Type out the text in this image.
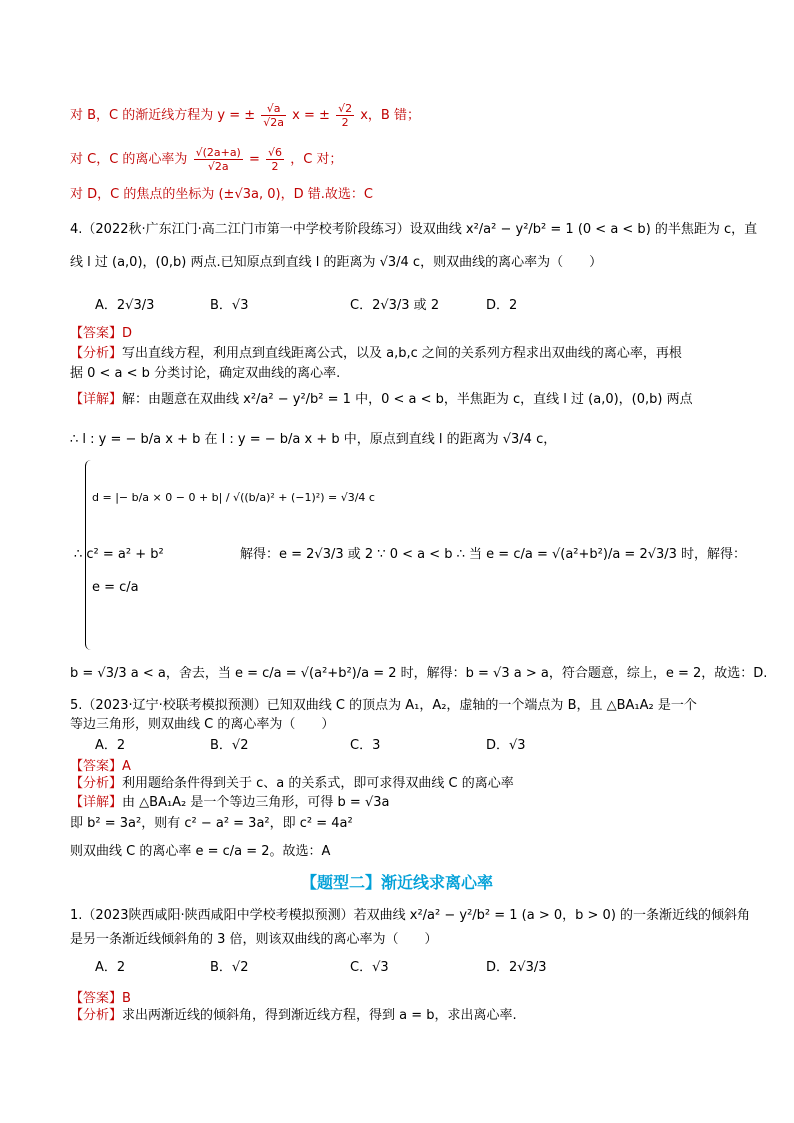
对 B，C 的渐近线方程为 y = ± $\frac{√a}{√2a}$ x = ± $\frac{√2}{2}$ x，B 错；
对 C，C 的离心率为 $\frac{√(2a+a)}{√2a} = \frac{√6}{2}$ ，C 对；
对 D，C 的焦点的坐标为 (±√3a, 0)，D 错.故选：C
4.（2022秋·广东江门·高二江门市第一中学校考阶段练习）设双曲线 x²/a² − y²/b² = 1 (0 < a < b) 的半焦距为 c，直
线 l 过 (a,0)，(0,b) 两点.已知原点到直线 l 的距离为 √3/4 c，则双曲线的离心率为（　　）
A．2√3/3	B．√3	C．2√3/3 或 2	D．2
【答案】D
【分析】写出直线方程，利用点到直线距离公式，以及 a,b,c 之间的关系列方程求出双曲线的离心率，再根
据 0 < a < b 分类讨论，确定双曲线的离心率.
【详解】解：由题意在双曲线 x²/a² − y²/b² = 1 中，0 < a < b，半焦距为 c，直线 l 过 (a,0)，(0,b) 两点
∴ l : y = − b/a x + b 在 l : y = − b/a x + b 中，原点到直线 l 的距离为 √3/4 c，
d = |− b/a × 0 − 0 + b| / √((b/a)² + (−1)²) = √3/4 c
∴ c² = a² + b²	解得：e = 2√3/3 或 2 ∵ 0 < a < b ∴ 当 e = c/a = √(a²+b²)/a = 2√3/3 时，解得：
e = c/a
b = √3/3 a < a，舍去，当 e = c/a = √(a²+b²)/a = 2 时，解得：b = √3 a > a，符合题意，综上，e = 2，故选：D.
5.（2023·辽宁·校联考模拟预测）已知双曲线 C 的顶点为 A₁，A₂，虚轴的一个端点为 B，且 △BA₁A₂ 是一个
等边三角形，则双曲线 C 的离心率为（　　）
A．2	B．√2	C．3	D．√3
【答案】A
【分析】利用题给条件得到关于 c、a 的关系式，即可求得双曲线 C 的离心率
【详解】由 △BA₁A₂ 是一个等边三角形，可得 b = √3a
即 b² = 3a²，则有 c² − a² = 3a²，即 c² = 4a²
则双曲线 C 的离心率 e = c/a = 2。故选：A
【题型二】渐近线求离心率
1.（2023陕西咸阳·陕西咸阳中学校考模拟预测）若双曲线 x²/a² − y²/b² = 1 (a > 0，b > 0) 的一条渐近线的倾斜角
是另一条渐近线倾斜角的 3 倍，则该双曲线的离心率为（　　）
A．2	B．√2	C．√3	D．2√3/3
【答案】B
【分析】求出两渐近线的倾斜角，得到渐近线方程，得到 a = b，求出离心率.
